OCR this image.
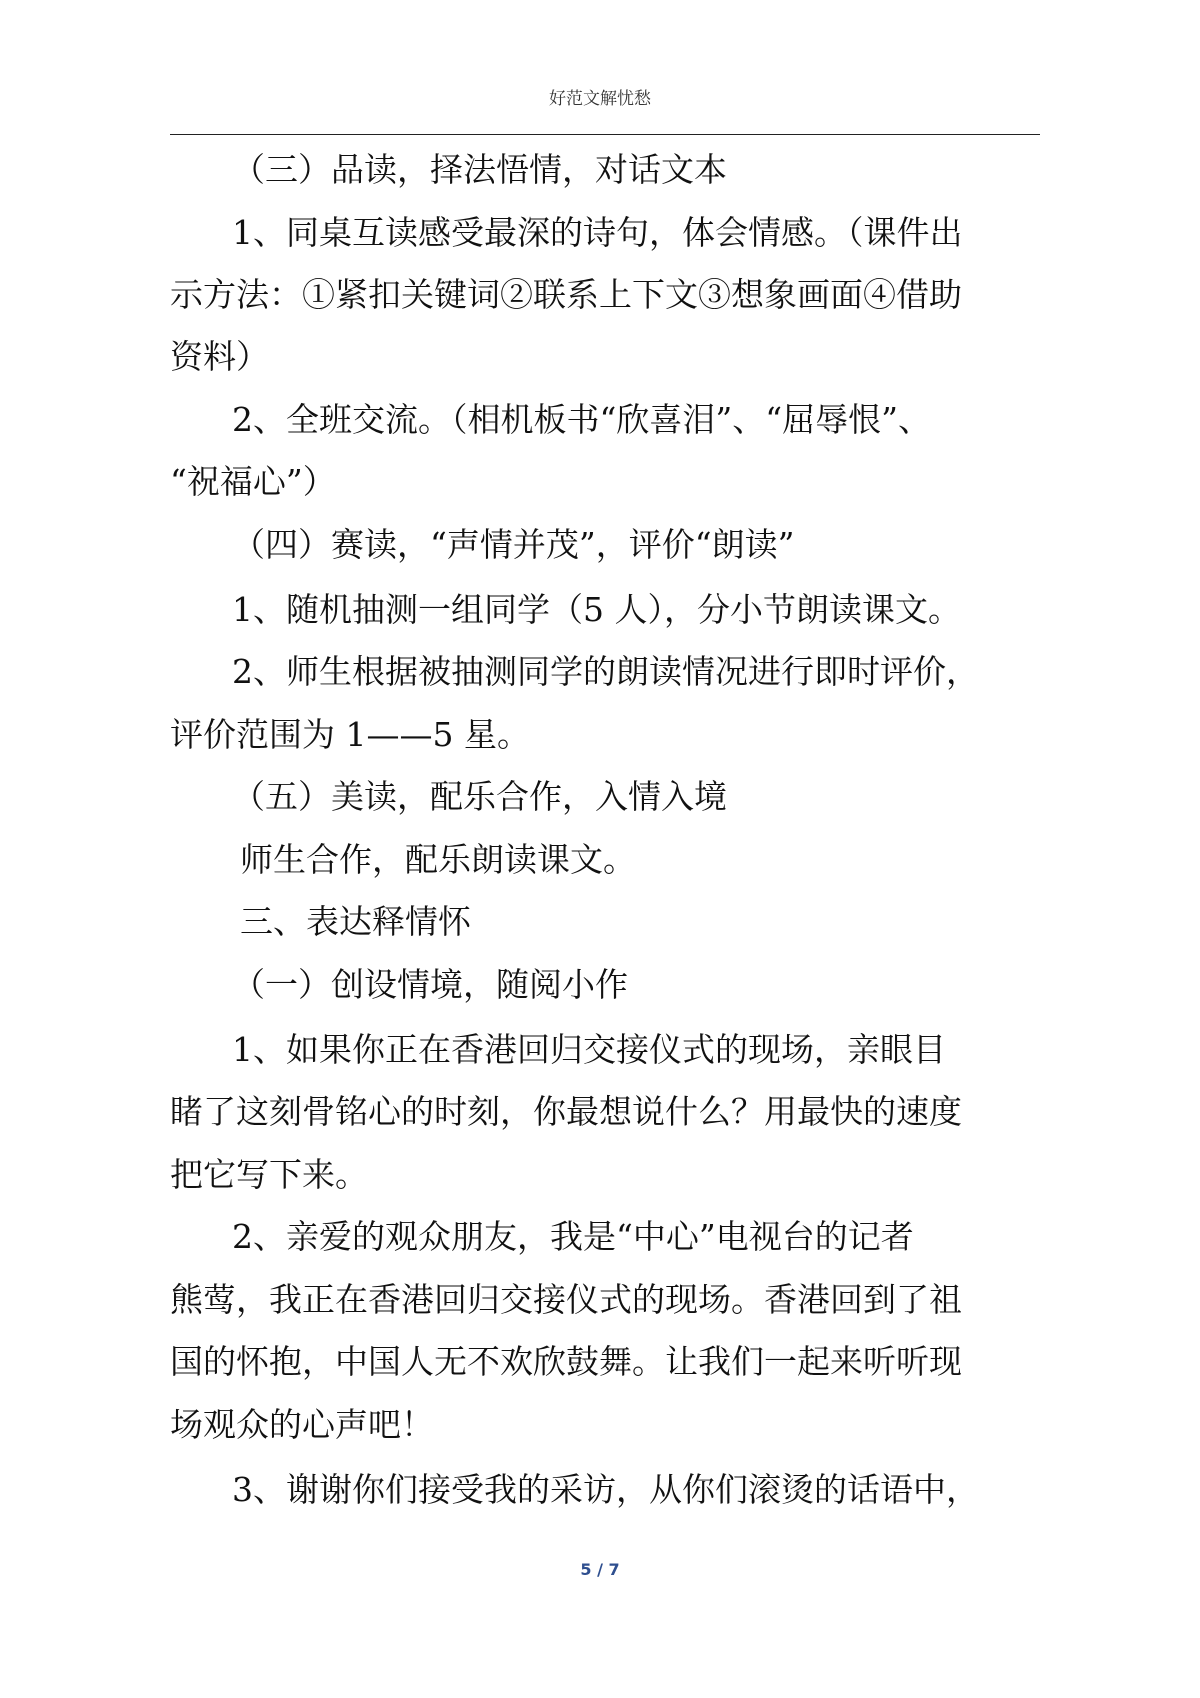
好范文解忧愁
（三）品读，择法悟情，对话文本
1、同桌互读感受最深的诗句，体会情感。（课件出
示方法：①紧扣关键词②联系上下文③想象画面④借助
资料）
2、全班交流。（相机板书“欣喜泪”、“屈辱恨”、
“祝福心”）
（四）赛读，“声情并茂”，评价“朗读”
1、随机抽测一组同学（5 人），分小节朗读课文。
2、师生根据被抽测同学的朗读情况进行即时评价，
评价范围为 1——5 星。
（五）美读，配乐合作，入情入境
师生合作，配乐朗读课文。
三、表达释情怀
（一）创设情境，随阅小作
1、如果你正在香港回归交接仪式的现场，亲眼目
睹了这刻骨铭心的时刻，你最想说什么？用最快的速度
把它写下来。
2、亲爱的观众朋友，我是“中心”电视台的记者
熊莺，我正在香港回归交接仪式的现场。香港回到了祖
国的怀抱，中国人无不欢欣鼓舞。让我们一起来听听现
场观众的心声吧！
3、谢谢你们接受我的采访，从你们滚烫的话语中，
5 / 7
